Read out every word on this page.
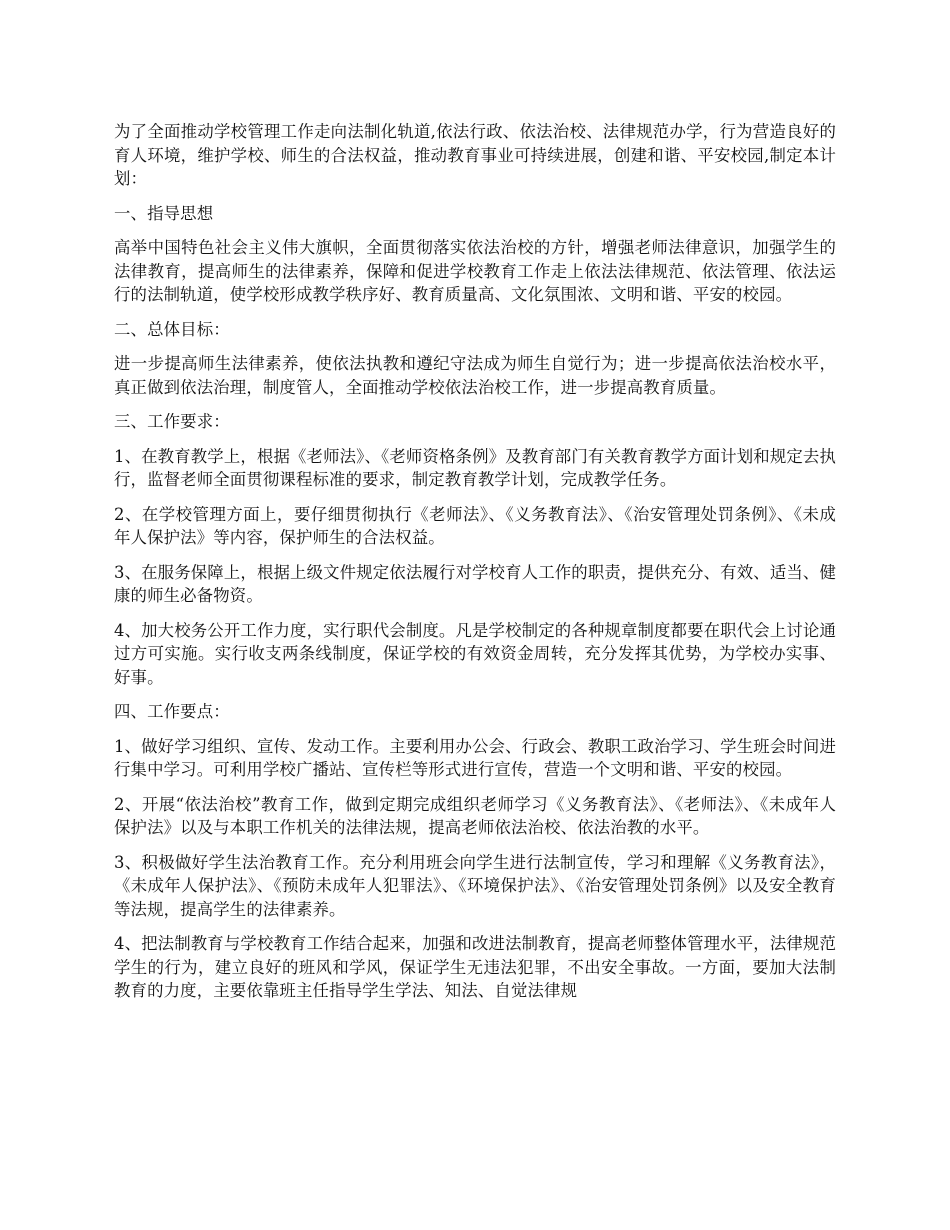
为了全面推动学校管理工作走向法制化轨道,依法行政、依法治校、法律规范办学，行为营造良好的育人环境，维护学校、师生的合法权益，推动教育事业可持续进展，创建和谐、平安校园,制定本计划：

一、指导思想

高举中国特色社会主义伟大旗帜，全面贯彻落实依法治校的方针，增强老师法律意识，加强学生的法律教育，提高师生的法律素养，保障和促进学校教育工作走上依法法律规范、依法管理、依法运行的法制轨道，使学校形成教学秩序好、教育质量高、文化氛围浓、文明和谐、平安的校园。

二、总体目标：

进一步提高师生法律素养，使依法执教和遵纪守法成为师生自觉行为；进一步提高依法治校水平，真正做到依法治理，制度管人，全面推动学校依法治校工作，进一步提高教育质量。

三、工作要求：

1、在教育教学上，根据《老师法》、《老师资格条例》及教育部门有关教育教学方面计划和规定去执行，监督老师全面贯彻课程标准的要求，制定教育教学计划，完成教学任务。

2、在学校管理方面上，要仔细贯彻执行《老师法》、《义务教育法》、《治安管理处罚条例》、《未成年人保护法》等内容，保护师生的合法权益。

3、在服务保障上，根据上级文件规定依法履行对学校育人工作的职责，提供充分、有效、适当、健康的师生必备物资。

4、加大校务公开工作力度，实行职代会制度。凡是学校制定的各种规章制度都要在职代会上讨论通过方可实施。实行收支两条线制度，保证学校的有效资金周转，充分发挥其优势，为学校办实事、好事。

四、工作要点：

1、做好学习组织、宣传、发动工作。主要利用办公会、行政会、教职工政治学习、学生班会时间进行集中学习。可利用学校广播站、宣传栏等形式进行宣传，营造一个文明和谐、平安的校园。

2、开展“依法治校”教育工作，做到定期完成组织老师学习《义务教育法》、《老师法》、《未成年人保护法》以及与本职工作机关的法律法规，提高老师依法治校、依法治教的水平。

3、积极做好学生法治教育工作。充分利用班会向学生进行法制宣传，学习和理解《义务教育法》，《未成年人保护法》、《预防未成年人犯罪法》、《环境保护法》、《治安管理处罚条例》以及安全教育等法规，提高学生的法律素养。

4、把法制教育与学校教育工作结合起来，加强和改进法制教育，提高老师整体管理水平，法律规范学生的行为，建立良好的班风和学风，保证学生无违法犯罪，不出安全事故。一方面，要加大法制教育的力度，主要依靠班主任指导学生学法、知法、自觉法律规
